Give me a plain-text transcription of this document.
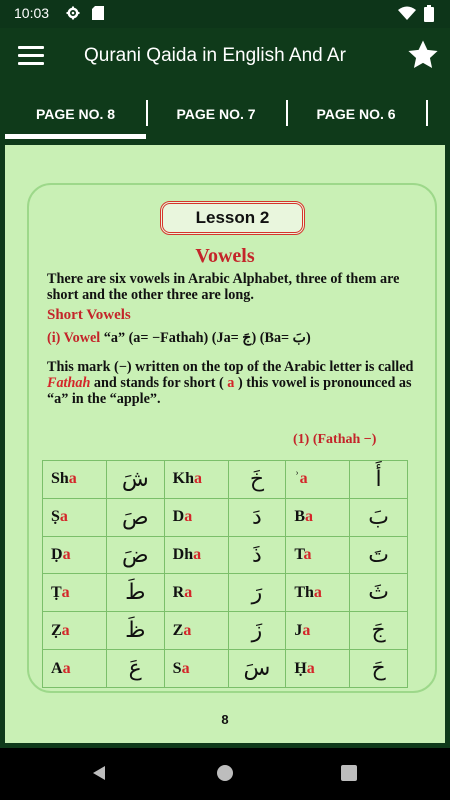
10:03
Qurani Qaida in English And Ar
PAGE NO. 8	PAGE NO. 7	PAGE NO. 6
Lesson 2
Vowels
There are six vowels in Arabic Alphabet, three of them are short and the other three are long.
Short Vowels
(i) Vowel “a” (a= −Fathah) (Ja= جَ) (Ba= بَ)
This mark (−) written on the top of the Arabic letter is called Fathah and stands for short ( a ) this vowel is pronounced as “a” in the “apple”.
(1) (Fathah −)
Sha	شَ	Kha	خَ	ʾa	أَ
Ṣa	صَ	Da	دَ	Ba	بَ
Ḍa	ضَ	Dha	ذَ	Ta	تَ
Ṭa	طَ	Ra	رَ	Tha	ثَ
Ẓa	ظَ	Za	زَ	Ja	جَ
Aa	عَ	Sa	سَ	Ḥa	حَ
8
